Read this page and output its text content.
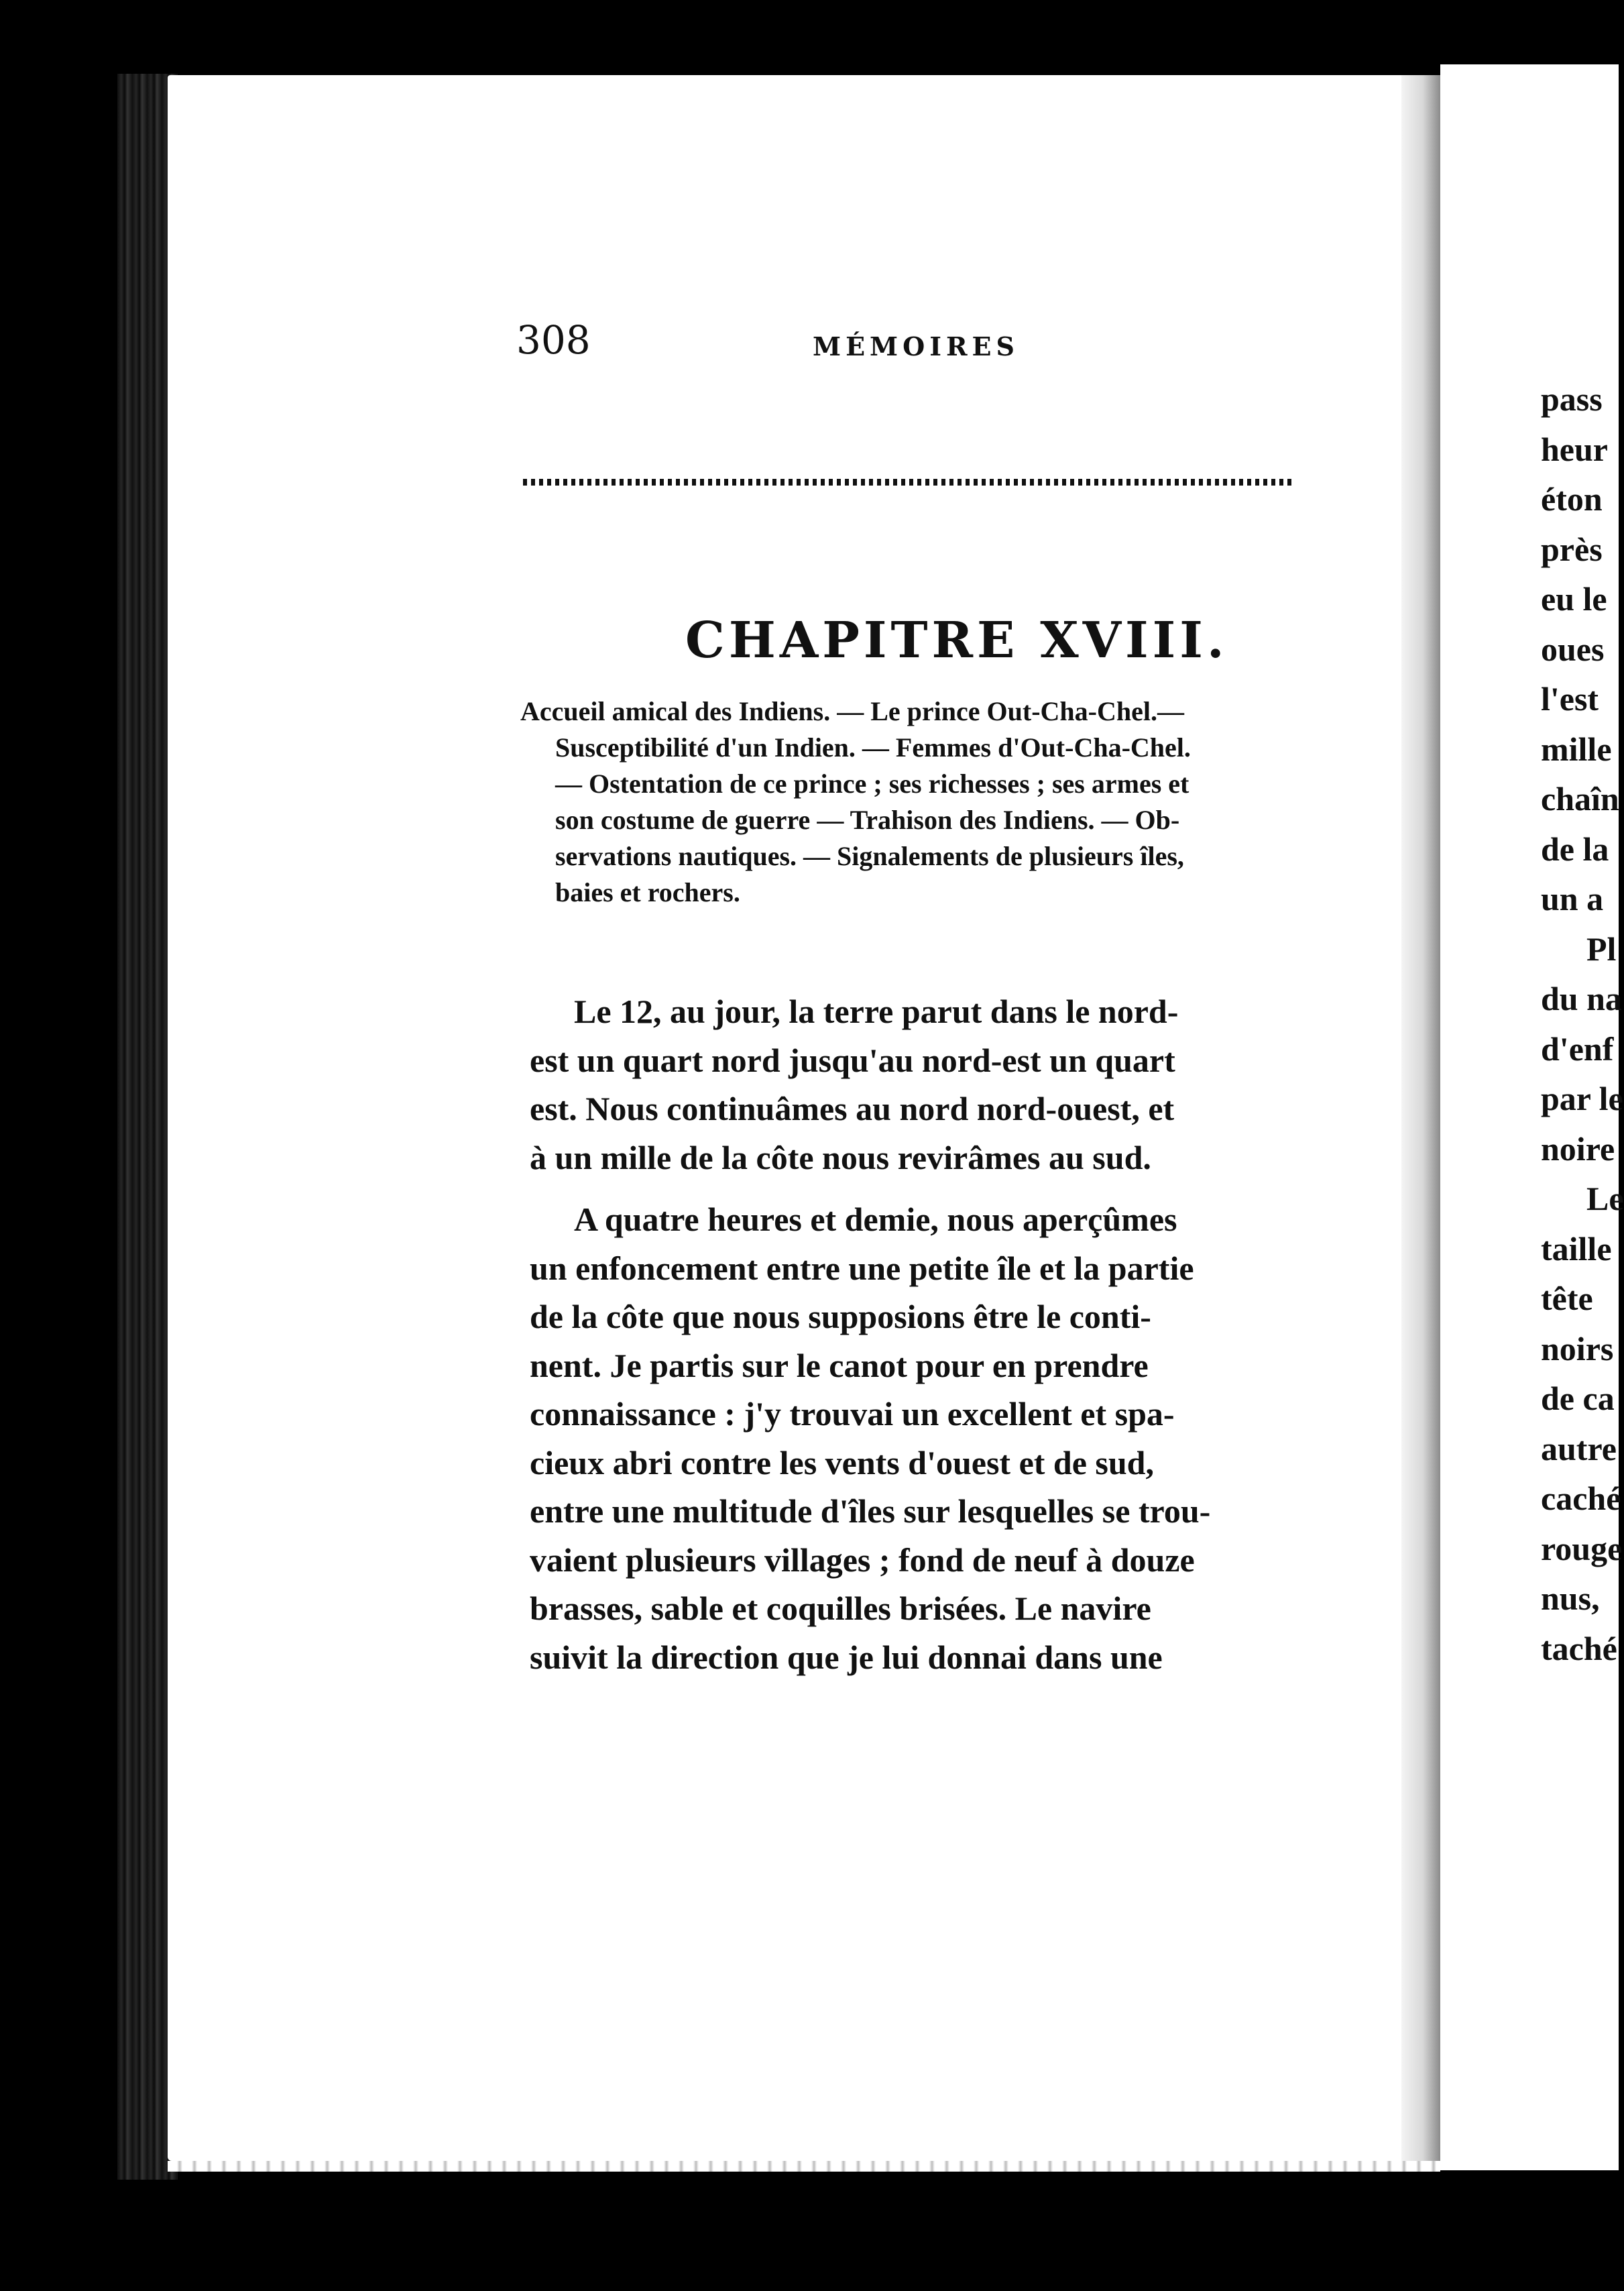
308	MÉMOIRES
CHAPITRE XVIII.
Accueil amical des Indiens. — Le prince Out-Cha-Chel.—
Susceptibilité d'un Indien. — Femmes d'Out-Cha-Chel.
— Ostentation de ce prince ; ses richesses ; ses armes et
son costume de guerre — Trahison des Indiens. — Ob-
servations nautiques. — Signalements de plusieurs îles,
baies et rochers.
Le 12, au jour, la terre parut dans le nord-
est un quart nord jusqu'au nord-est un quart
est. Nous continuâmes au nord nord-ouest, et
à un mille de la côte nous revirâmes au sud.
A quatre heures et demie, nous aperçûmes
un enfoncement entre une petite île et la partie
de la côte que nous supposions être le conti-
nent. Je partis sur le canot pour en prendre
connaissance : j'y trouvai un excellent et spa-
cieux abri contre les vents d'ouest et de sud,
entre une multitude d'îles sur lesquelles se trou-
vaient plusieurs villages ; fond de neuf à douze
brasses, sable et coquilles brisées. Le navire
suivit la direction que je lui donnai dans une
pass
heur
éton
près
eu le
oues
l'est
mille
chaîn
de la
un a
Pl
du na
d'enf
par le
noire
Le
taille
tête
noirs
de ca
autre
caché
rouge
nus,
taché
